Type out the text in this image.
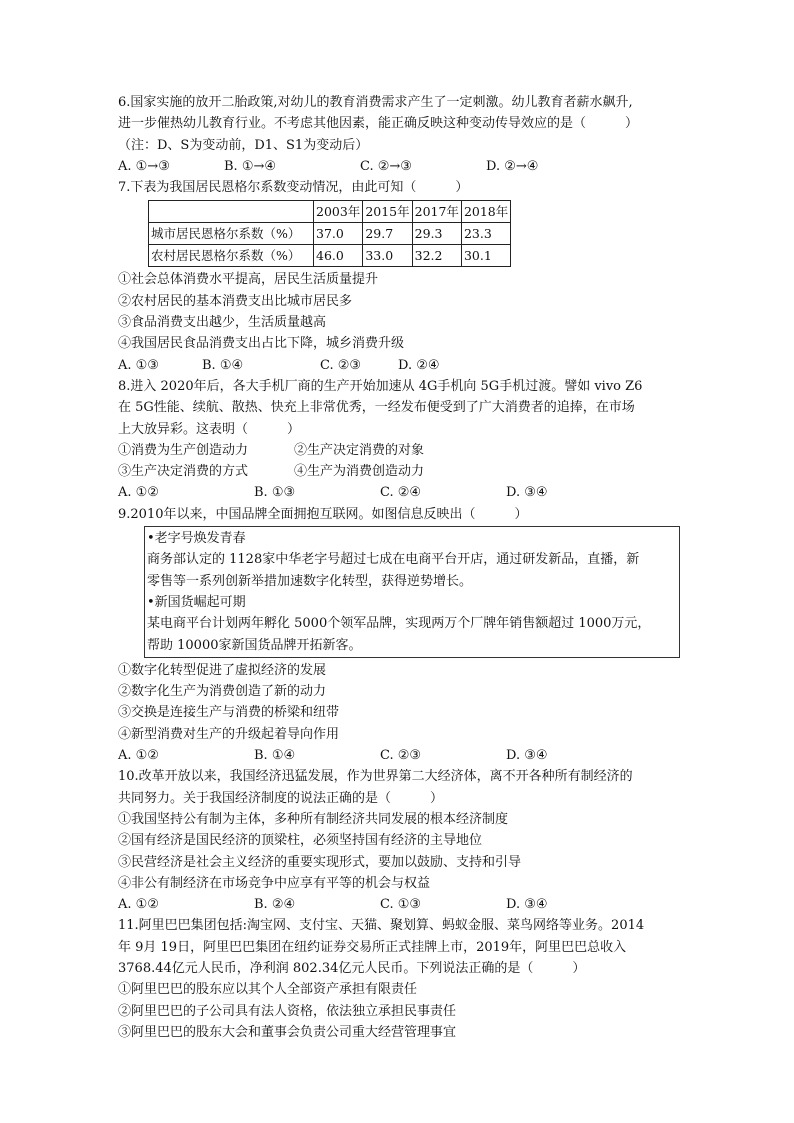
6.国家实施的放开二胎政策,对幼儿的教育消费需求产生了一定刺激。幼儿教育者薪水飙升,
进一步催热幼儿教育行业。不考虑其他因素，能正确反映这种变动传导效应的是（　　　）
（注：D、S为变动前，D1、S1为变动后）
A. ①→③	B. ①→④	C. ②→③	D. ②→④
7.下表为我国居民恩格尔系数变动情况，由此可知（　　　）
	2003年	2015年	2017年	2018年
城市居民恩格尔系数（%）	37.0	29.7	29.3	23.3
农村居民恩格尔系数（%）	46.0	33.0	32.2	30.1
①社会总体消费水平提高，居民生活质量提升
②农村居民的基本消费支出比城市居民多
③食品消费支出越少，生活质量越高
④我国居民食品消费支出占比下降，城乡消费升级
A. ①③	B. ①④	C. ②③	D. ②④
8.进入 2020年后，各大手机厂商的生产开始加速从 4G手机向 5G手机过渡。譬如 vivo Z6
在 5G性能、续航、散热、快充上非常优秀，一经发布便受到了广大消费者的追捧，在市场
上大放异彩。这表明（　　　）
①消费为生产创造动力	②生产决定消费的对象
③生产决定消费的方式	④生产为消费创造动力
A. ①②	B. ①③	C. ②④	D. ③④
9.2010年以来，中国品牌全面拥抱互联网。如图信息反映出（　　　）
•老字号焕发青春
商务部认定的 1128家中华老字号超过七成在电商平台开店，通过研发新品，直播，新
零售等一系列创新举措加速数字化转型，获得逆势增长。
•新国货崛起可期
某电商平台计划两年孵化 5000个领军品牌，实现两万个厂牌年销售额超过 1000万元，
帮助 10000家新国货品牌开拓新客。
①数字化转型促进了虚拟经济的发展
②数字化生产为消费创造了新的动力
③交换是连接生产与消费的桥梁和纽带
④新型消费对生产的升级起着导向作用
A. ①②	B. ①④	C. ②③	D. ③④
10.改革开放以来，我国经济迅猛发展，作为世界第二大经济体，离不开各种所有制经济的
共同努力。关于我国经济制度的说法正确的是（　　　）
①我国坚持公有制为主体，多种所有制经济共同发展的根本经济制度
②国有经济是国民经济的顶梁柱，必须坚持国有经济的主导地位
③民营经济是社会主义经济的重要实现形式，要加以鼓励、支持和引导
④非公有制经济在市场竞争中应享有平等的机会与权益
A. ①②	B. ②④	C. ①③	D. ③④
11.阿里巴巴集团包括:淘宝网、支付宝、天猫、聚划算、蚂蚁金服、菜鸟网络等业务。2014
年 9月 19日，阿里巴巴集团在纽约证券交易所正式挂牌上市，2019年，阿里巴巴总收入
3768.44亿元人民币，净利润 802.34亿元人民币。下列说法正确的是（　　　）
①阿里巴巴的股东应以其个人全部资产承担有限责任
②阿里巴巴的子公司具有法人资格，依法独立承担民事责任
③阿里巴巴的股东大会和董事会负责公司重大经营管理事宜
